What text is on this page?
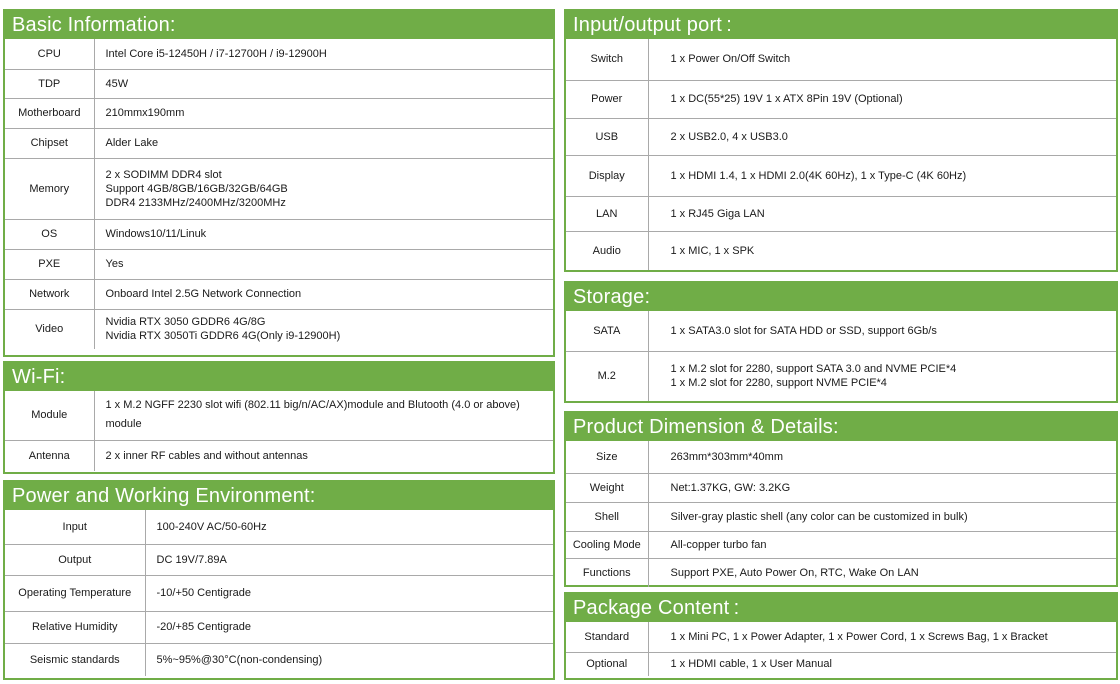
Basic Information:
CPU	Intel Core i5-12450H / i7-12700H / i9-12900H
TDP	45W
Motherboard	210mmx190mm
Chipset	Alder Lake
Memory	2 x SODIMM DDR4 slot
Support 4GB/8GB/16GB/32GB/64GB
DDR4 2133MHz/2400MHz/3200MHz

OS	Windows10/11/Linuk
PXE	Yes
Network	Onboard Intel 2.5G Network Connection
Video	Nvidia RTX 3050 GDDR6 4G/8G
Nvidia RTX 3050Ti GDDR6 4G(Only i9-12900H)
Wi-Fi:
Module	1 x M.2 NGFF 2230 slot wifi (802.11 big/n/AC/AX)module and Blutooth (4.0 or above)
module

Antenna	2 x inner RF cables and without antennas
Power and Working Environment:
Input	100-240V AC/50-60Hz
Output	DC 19V/7.89A
Operating Temperature	-10/+50 Centigrade
Relative Humidity	-20/+85 Centigrade
Seismic standards	5%~95%@30°C(non-condensing)
Input/output port :
Switch	1 x Power On/Off Switch
Power	1 x DC(55*25) 19V 1 x ATX 8Pin 19V (Optional)
USB	2 x USB2.0, 4 x USB3.0
Display	1 x HDMI 1.4, 1 x HDMI 2.0(4K 60Hz), 1 x Type-C (4K 60Hz)
LAN	1 x RJ45 Giga LAN
Audio	1 x MIC, 1 x SPK
Storage:
SATA	1 x SATA3.0 slot for SATA HDD or SSD, support 6Gb/s
M.2	1 x M.2 slot for 2280, support SATA 3.0 and NVME PCIE*4
1 x M.2 slot for 2280, support NVME PCIE*4
Product Dimension & Details:
Size	263mm*303mm*40mm
Weight	Net:1.37KG, GW: 3.2KG
Shell	Silver-gray plastic shell (any color can be customized in bulk)
Cooling Mode	All-copper turbo fan
Functions	Support PXE, Auto Power On, RTC, Wake On LAN
Package Content :
Standard	1 x Mini PC, 1 x Power Adapter, 1 x Power Cord, 1 x Screws Bag, 1 x Bracket
Optional	1 x HDMI cable, 1 x User Manual
